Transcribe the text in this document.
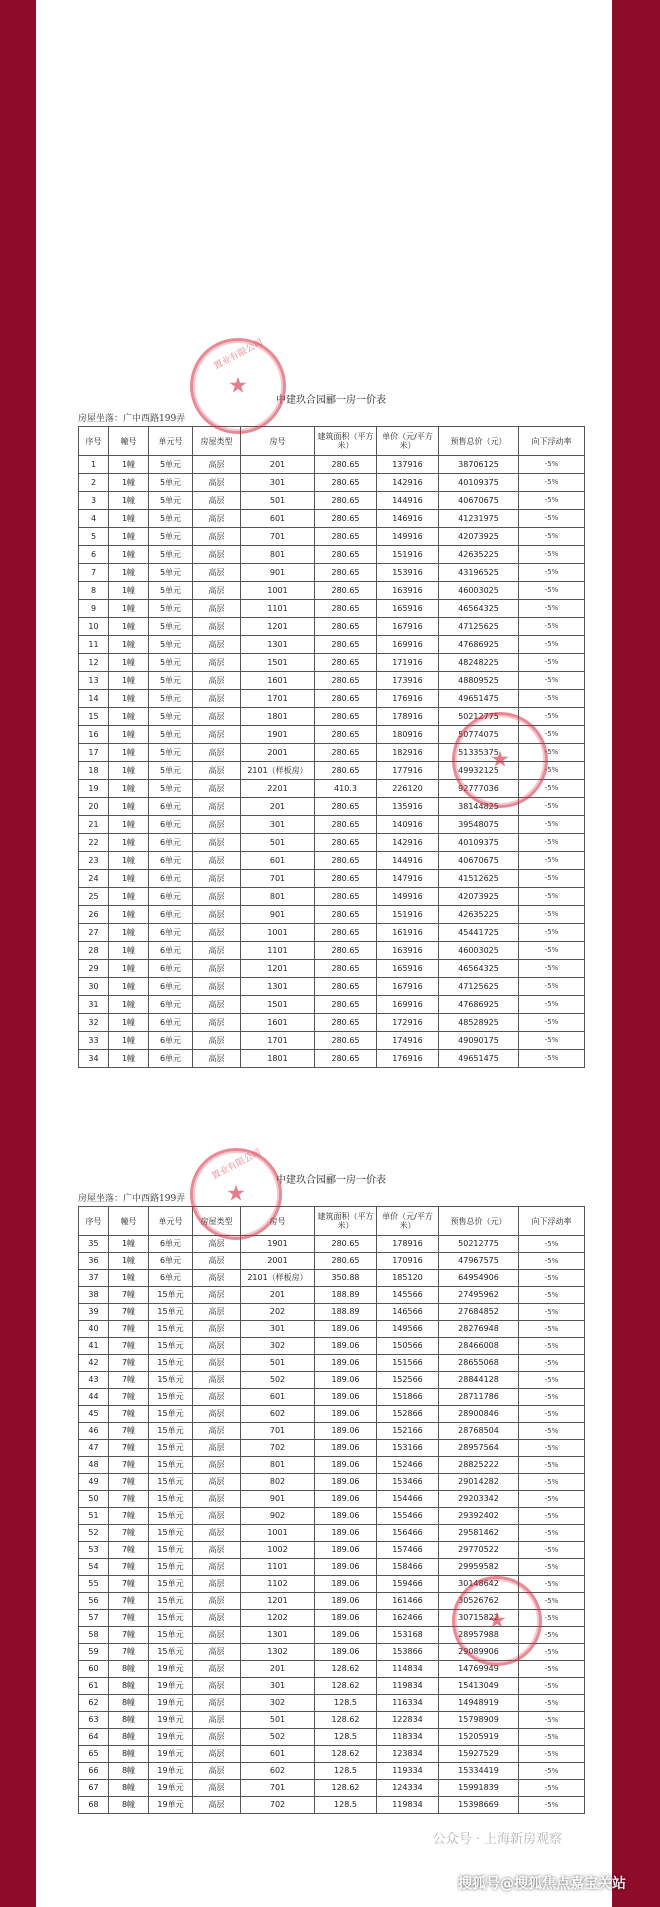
中建玖合园郦一房一价表
房屋坐落：广中西路199弄
序号	幢号	单元号	房屋类型	房号	建筑面积（平方米）	单价（元/平方米）	预售总价（元）	向下浮动率
1	1幢	5单元	高层	201	280.65	137916	38706125	-5%
2	1幢	5单元	高层	301	280.65	142916	40109375	-5%
3	1幢	5单元	高层	501	280.65	144916	40670675	-5%
4	1幢	5单元	高层	601	280.65	146916	41231975	-5%
5	1幢	5单元	高层	701	280.65	149916	42073925	-5%
6	1幢	5单元	高层	801	280.65	151916	42635225	-5%
7	1幢	5单元	高层	901	280.65	153916	43196525	-5%
8	1幢	5单元	高层	1001	280.65	163916	46003025	-5%
9	1幢	5单元	高层	1101	280.65	165916	46564325	-5%
10	1幢	5单元	高层	1201	280.65	167916	47125625	-5%
11	1幢	5单元	高层	1301	280.65	169916	47686925	-5%
12	1幢	5单元	高层	1501	280.65	171916	48248225	-5%
13	1幢	5单元	高层	1601	280.65	173916	48809525	-5%
14	1幢	5单元	高层	1701	280.65	176916	49651475	-5%
15	1幢	5单元	高层	1801	280.65	178916	50212775	-5%
16	1幢	5单元	高层	1901	280.65	180916	50774075	-5%
17	1幢	5单元	高层	2001	280.65	182916	51335375	-5%
18	1幢	5单元	高层	2101（样板房）	280.65	177916	49932125	-5%
19	1幢	5单元	高层	2201	410.3	226120	92777036	-5%
20	1幢	6单元	高层	201	280.65	135916	38144825	-5%
21	1幢	6单元	高层	301	280.65	140916	39548075	-5%
22	1幢	6单元	高层	501	280.65	142916	40109375	-5%
23	1幢	6单元	高层	601	280.65	144916	40670675	-5%
24	1幢	6单元	高层	701	280.65	147916	41512625	-5%
25	1幢	6单元	高层	801	280.65	149916	42073925	-5%
26	1幢	6单元	高层	901	280.65	151916	42635225	-5%
27	1幢	6单元	高层	1001	280.65	161916	45441725	-5%
28	1幢	6单元	高层	1101	280.65	163916	46003025	-5%
29	1幢	6单元	高层	1201	280.65	165916	46564325	-5%
30	1幢	6单元	高层	1301	280.65	167916	47125625	-5%
31	1幢	6单元	高层	1501	280.65	169916	47686925	-5%
32	1幢	6单元	高层	1601	280.65	172916	48528925	-5%
33	1幢	6单元	高层	1701	280.65	174916	49090175	-5%
34	1幢	6单元	高层	1801	280.65	176916	49651475	-5%
置业有限公司
★
★
中建玖合园郦一房一价表
房屋坐落：广中西路199弄
序号	幢号	单元号	房屋类型	房号	建筑面积（平方米）	单价（元/平方米）	预售总价（元）	向下浮动率
35	1幢	6单元	高层	1901	280.65	178916	50212775	-5%
36	1幢	6单元	高层	2001	280.65	170916	47967575	-5%
37	1幢	6单元	高层	2101（样板房）	350.88	185120	64954906	-5%
38	7幢	15单元	高层	201	188.89	145566	27495962	-5%
39	7幢	15单元	高层	202	188.89	146566	27684852	-5%
40	7幢	15单元	高层	301	189.06	149566	28276948	-5%
41	7幢	15单元	高层	302	189.06	150566	28466008	-5%
42	7幢	15单元	高层	501	189.06	151566	28655068	-5%
43	7幢	15单元	高层	502	189.06	152566	28844128	-5%
44	7幢	15单元	高层	601	189.06	151866	28711786	-5%
45	7幢	15单元	高层	602	189.06	152866	28900846	-5%
46	7幢	15单元	高层	701	189.06	152166	28768504	-5%
47	7幢	15单元	高层	702	189.06	153166	28957564	-5%
48	7幢	15单元	高层	801	189.06	152466	28825222	-5%
49	7幢	15单元	高层	802	189.06	153466	29014282	-5%
50	7幢	15单元	高层	901	189.06	154466	29203342	-5%
51	7幢	15单元	高层	902	189.06	155466	29392402	-5%
52	7幢	15单元	高层	1001	189.06	156466	29581462	-5%
53	7幢	15单元	高层	1002	189.06	157466	29770522	-5%
54	7幢	15单元	高层	1101	189.06	158466	29959582	-5%
55	7幢	15单元	高层	1102	189.06	159466	30148642	-5%
56	7幢	15单元	高层	1201	189.06	161466	30526762	-5%
57	7幢	15单元	高层	1202	189.06	162466	30715822	-5%
58	7幢	15单元	高层	1301	189.06	153168	28957988	-5%
59	7幢	15单元	高层	1302	189.06	153866	29089906	-5%
60	8幢	19单元	高层	201	128.62	114834	14769949	-5%
61	8幢	19单元	高层	301	128.62	119834	15413049	-5%
62	8幢	19单元	高层	302	128.5	116334	14948919	-5%
63	8幢	19单元	高层	501	128.62	122834	15798909	-5%
64	8幢	19单元	高层	502	128.5	118334	15205919	-5%
65	8幢	19单元	高层	601	128.62	123834	15927529	-5%
66	8幢	19单元	高层	602	128.5	119334	15334419	-5%
67	8幢	19单元	高层	701	128.62	124334	15991839	-5%
68	8幢	19单元	高层	702	128.5	119834	15398669	-5%
置业有限公司
★
★
公众号 · 上海新房观察
搜狐号@搜狐焦点嘉宝关站
